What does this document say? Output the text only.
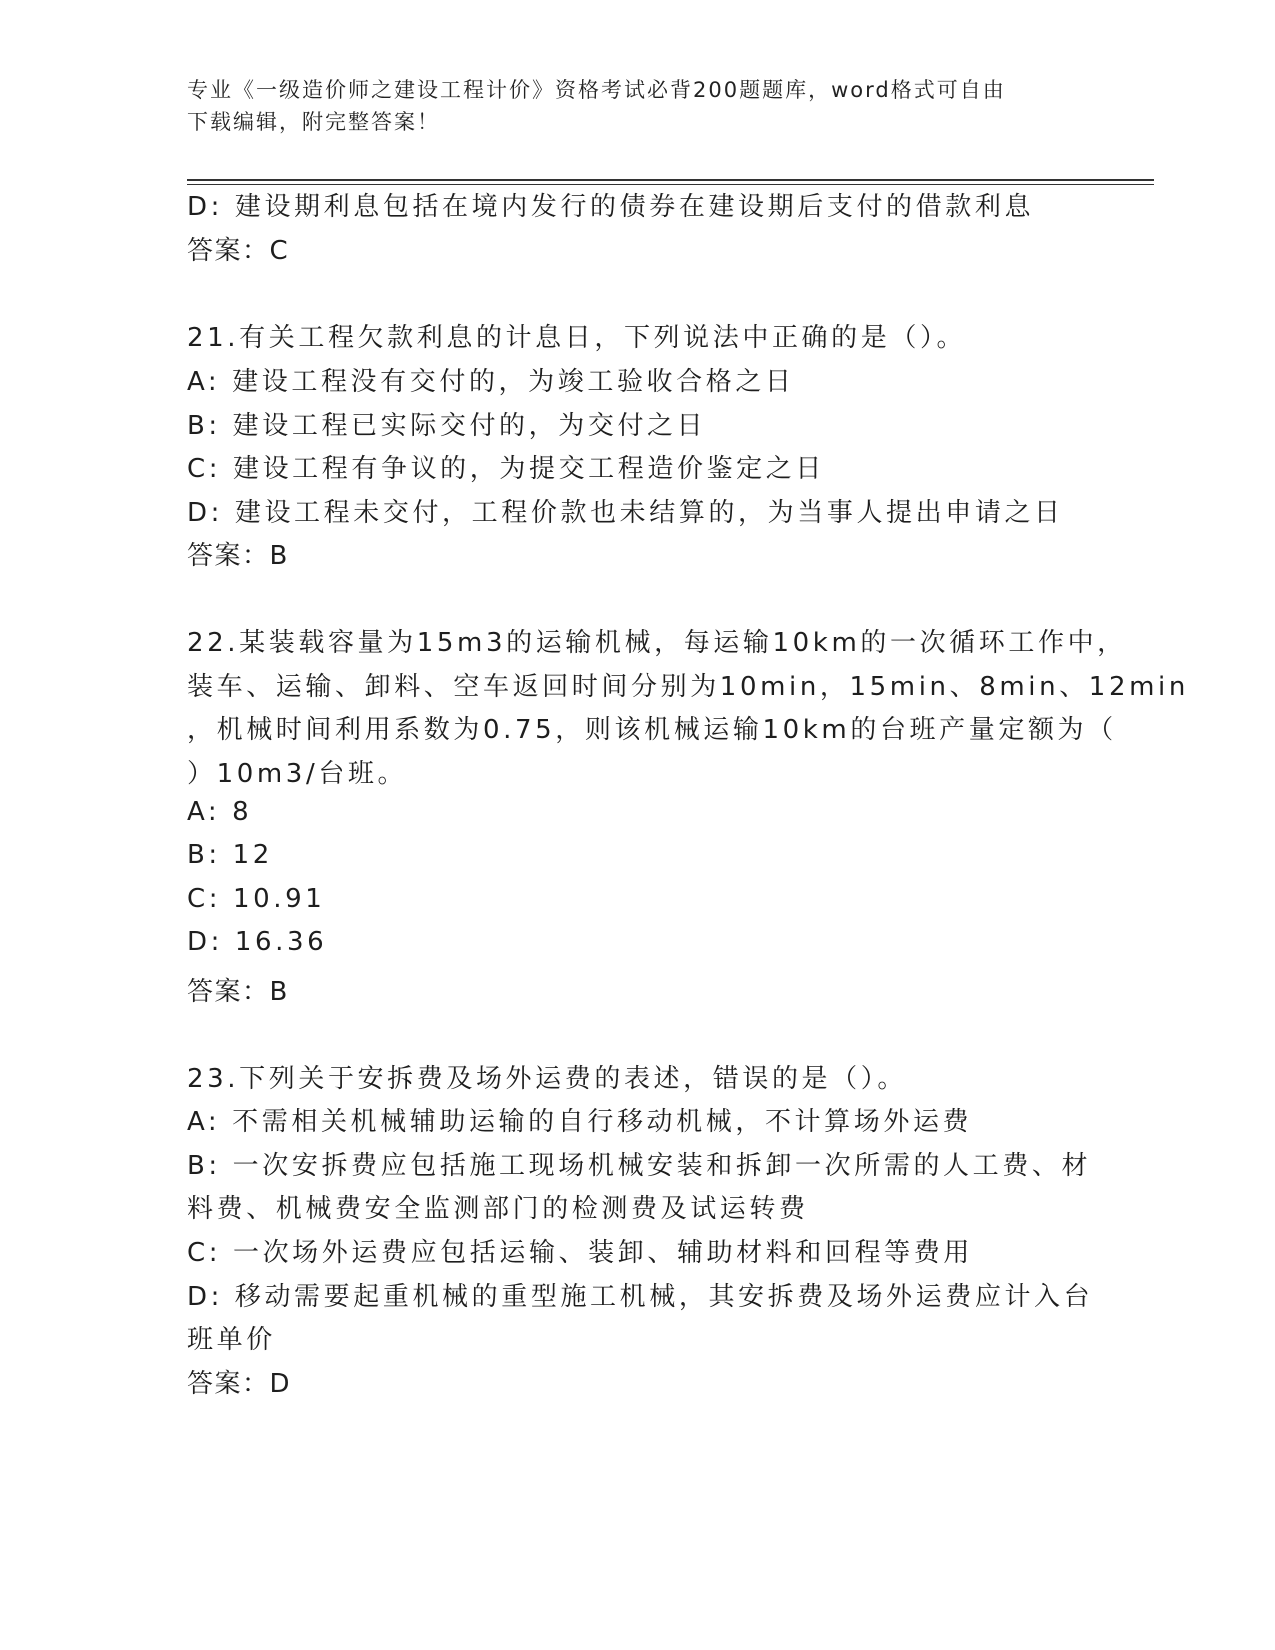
专业《一级造价师之建设工程计价》资格考试必背200题题库，word格式可自由
下载编辑，附完整答案！
D: 建设期利息包括在境内发行的债券在建设期后支付的借款利息
答案：C
21.有关工程欠款利息的计息日，下列说法中正确的是（）。
A: 建设工程没有交付的，为竣工验收合格之日
B: 建设工程已实际交付的，为交付之日
C: 建设工程有争议的，为提交工程造价鉴定之日
D: 建设工程未交付，工程价款也未结算的，为当事人提出申请之日
答案：B
22.某装载容量为15m3的运输机械，每运输10km的一次循环工作中，
装车、运输、卸料、空车返回时间分别为10min，15min、8min、12min
，机械时间利用系数为0.75，则该机械运输10km的台班产量定额为（
）10m3/台班。
A: 8
B: 12
C: 10.91
D: 16.36
答案：B
23.下列关于安拆费及场外运费的表述，错误的是（）。
A: 不需相关机械辅助运输的自行移动机械，不计算场外运费
B: 一次安拆费应包括施工现场机械安装和拆卸一次所需的人工费、材
料费、机械费安全监测部门的检测费及试运转费
C: 一次场外运费应包括运输、装卸、辅助材料和回程等费用
D: 移动需要起重机械的重型施工机械，其安拆费及场外运费应计入台
班单价
答案：D
